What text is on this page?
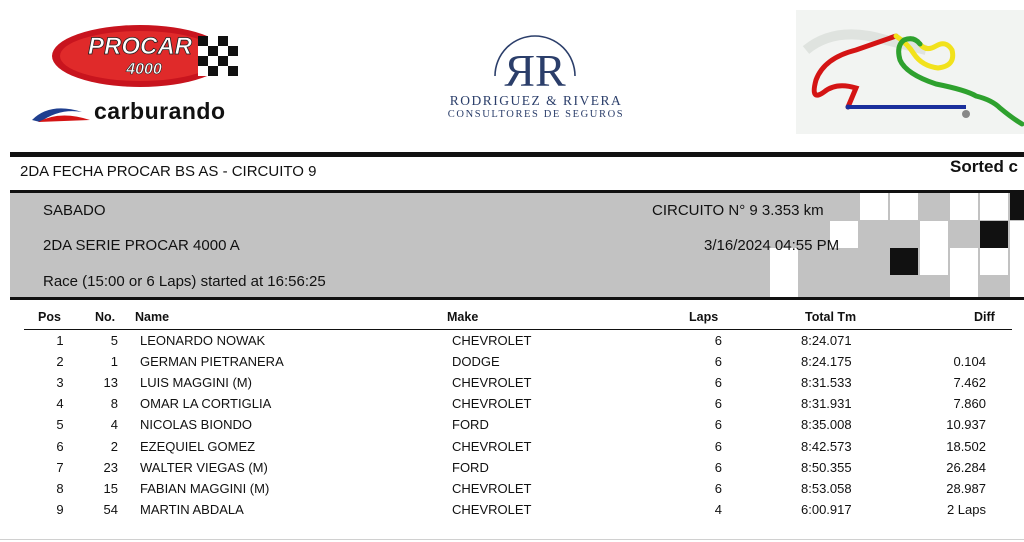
PROCAR
4000
carburando
ЯR
RODRIGUEZ & RIVERA
CONSULTORES DE SEGUROS
2DA FECHA PROCAR BS AS - CIRCUITO 9	Sorted c
SABADO	CIRCUITO N° 9 3.353 km
2DA SERIE PROCAR 4000 A	3/16/2024 04:55 PM
Race (15:00 or 6 Laps) started at 16:56:25
Pos	No. Name	Make	Laps	Total Tm	Diff
1	5 LEONARDO NOWAK	CHEVROLET	6	8:24.071
2	1 GERMAN PIETRANERA	DODGE	6	8:24.175	0.104
3	13 LUIS MAGGINI (M)	CHEVROLET	6	8:31.533	7.462
4	8 OMAR LA CORTIGLIA	CHEVROLET	6	8:31.931	7.860
5	4 NICOLAS BIONDO	FORD	6	8:35.008	10.937
6	2 EZEQUIEL GOMEZ	CHEVROLET	6	8:42.573	18.502
7	23 WALTER VIEGAS (M)	FORD	6	8:50.355	26.284
8	15 FABIAN MAGGINI (M)	CHEVROLET	6	8:53.058	28.987
9	54 MARTIN ABDALA	CHEVROLET	4	6:00.917	2 Laps
